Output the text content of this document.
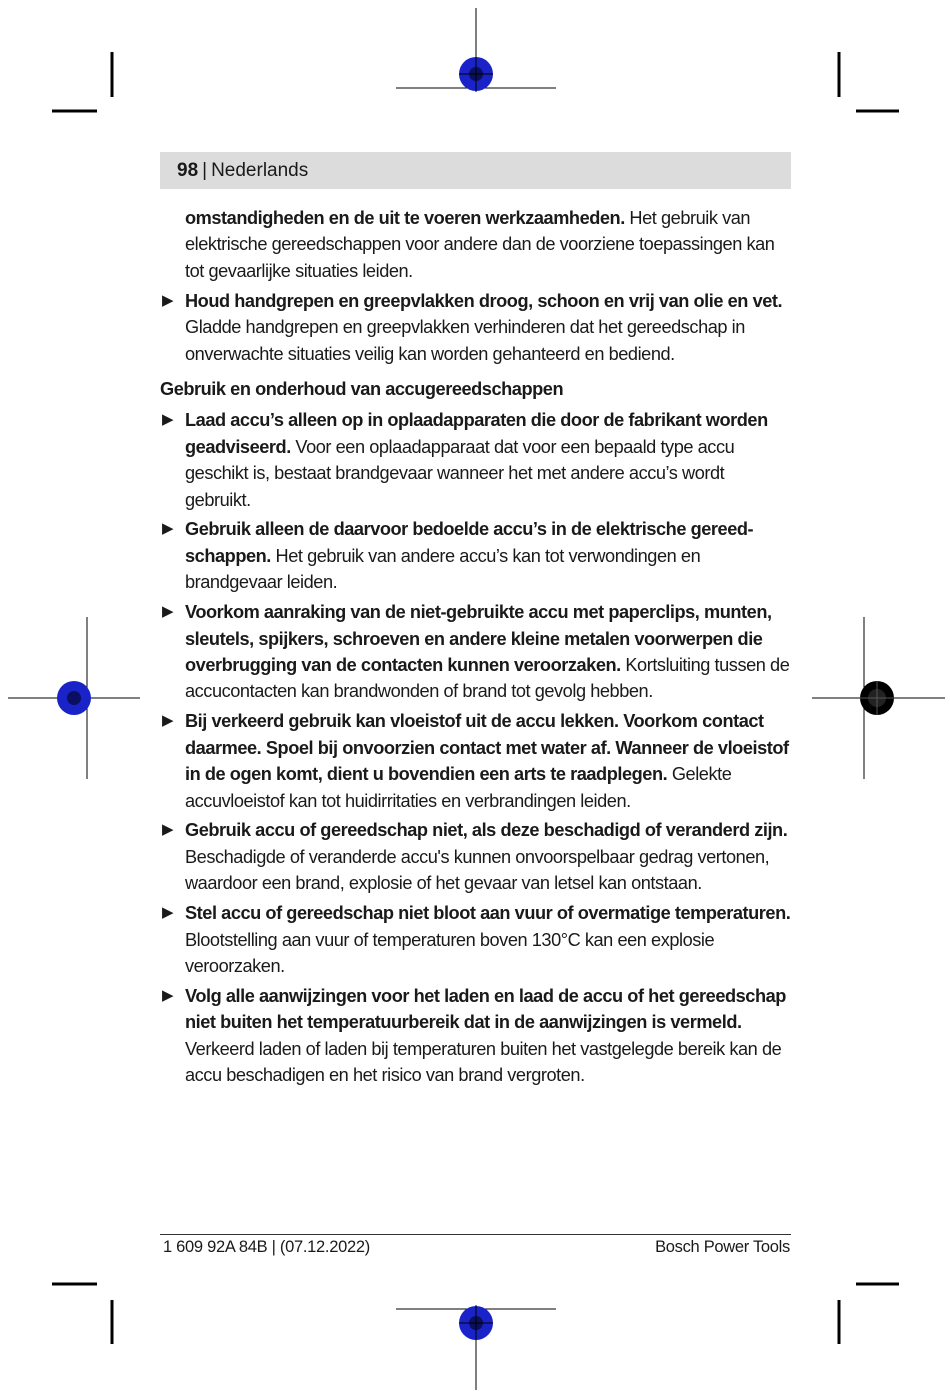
98 | Nederlands

omstandigheden en de uit te voeren werkzaamheden. Het gebruik van elektrische gereedschappen voor andere dan de voorziene toepassingen kan tot gevaarlijke situaties leiden.

▶ Houd handgrepen en greepvlakken droog, schoon en vrij van olie en vet. Gladde handgrepen en greepvlakken verhinderen dat het gereedschap in onverwachte situaties veilig kan worden gehanteerd en bediend.
Gebruik en onderhoud van accugereedschappen
▶ Laad accu’s alleen op in oplaadapparaten die door de fabrikant worden geadviseerd. Voor een oplaadapparaat dat voor een bepaald type accu geschikt is, bestaat brandgevaar wanneer het met andere accu’s wordt gebruikt.
▶ Gebruik alleen de daarvoor bedoelde accu’s in de elektrische gereedschappen. Het gebruik van andere accu’s kan tot verwondingen en brandgevaar leiden.
▶ Voorkom aanraking van de niet-gebruikte accu met paperclips, munten, sleutels, spijkers, schroeven en andere kleine metalen voorwerpen die overbrugging van de contacten kunnen veroorzaken. Kortsluiting tussen de accucontacten kan brandwonden of brand tot gevolg hebben.
▶ Bij verkeerd gebruik kan vloeistof uit de accu lekken. Voorkom contact daarmee. Spoel bij onvoorzien contact met water af. Wanneer de vloeistof in de ogen komt, dient u bovendien een arts te raadplegen. Gelekte accuvloeistof kan tot huidirritaties en verbrandingen leiden.
▶ Gebruik accu of gereedschap niet, als deze beschadigd of veranderd zijn. Beschadigde of veranderde accu's kunnen onvoorspelbaar gedrag vertonen, waardoor een brand, explosie of het gevaar van letsel kan ontstaan.
▶ Stel accu of gereedschap niet bloot aan vuur of overmatige temperaturen. Blootstelling aan vuur of temperaturen boven 130°C kan een explosie veroorzaken.
▶ Volg alle aanwijzingen voor het laden en laad de accu of het gereedschap niet buiten het temperatuurbereik dat in de aanwijzingen is vermeld. Verkeerd laden of laden bij temperaturen buiten het vastgelegde bereik kan de accu beschadigen en het risico van brand vergroten.
1 609 92A 84B | (07.12.2022)	Bosch Power Tools
